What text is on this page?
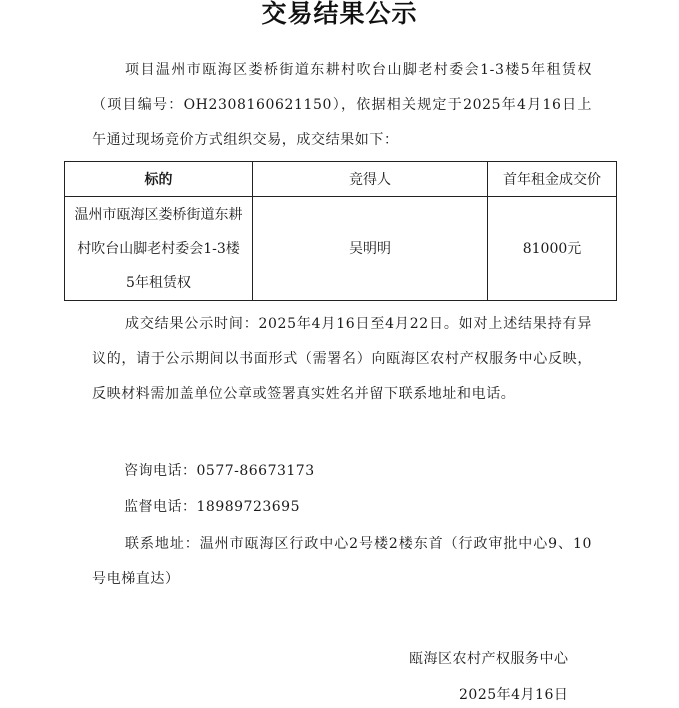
交易结果公示
项目温州市瓯海区娄桥街道东耕村吹台山脚老村委会1-3楼5年租赁权（项目编号：OH2308160621150），依据相关规定于2025年4月16日上午通过现场竞价方式组织交易，成交结果如下：
标的	竞得人	首年租金成交价
温州市瓯海区娄桥街道东耕村吹台山脚老村委会1-3楼5年租赁权	吴明明	81000元
成交结果公示时间：2025年4月16日至4月22日。如对上述结果持有异议的，请于公示期间以书面形式（需署名）向瓯海区农村产权服务中心反映，反映材料需加盖单位公章或签署真实姓名并留下联系地址和电话。
咨询电话：0577-86673173
监督电话：18989723695
联系地址：温州市瓯海区行政中心2号楼2楼东首（行政审批中心9、10号电梯直达）
瓯海区农村产权服务中心
2025年4月16日
